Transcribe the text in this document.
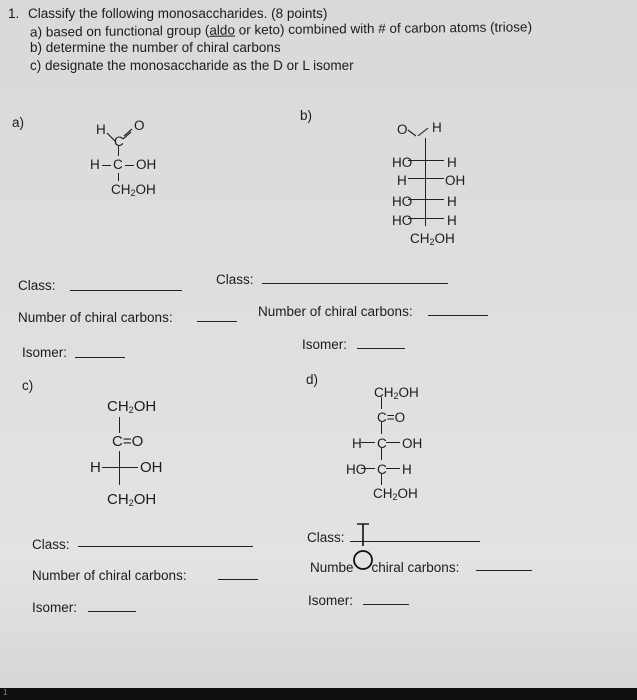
1. Classify the following monosaccharides. (8 points)
a) based on functional group (aldo or keto) combined with # of carbon atoms (triose)
b) determine the number of chiral carbons
c) designate the monosaccharide as the D or L isomer
a)	H
C
O
H C OH
$CH_2OH$
b)
O H
HO	H
H	OH
HO	H
HO	H
$CH_2OH$
Class:	Class:
Number of chiral carbons:	Number of chiral carbons:
Isomer:
Isomer:
c)
$CH_2OH$
C=O
H	OH
$CH_2OH$
d)
$CH_2OH$
C=O
H C OH
HO C H
$CH_2OH$
Class:	Class:
Number of chiral carbons:
Numbe chiral carbons:
Isomer:	Isomer:
1
